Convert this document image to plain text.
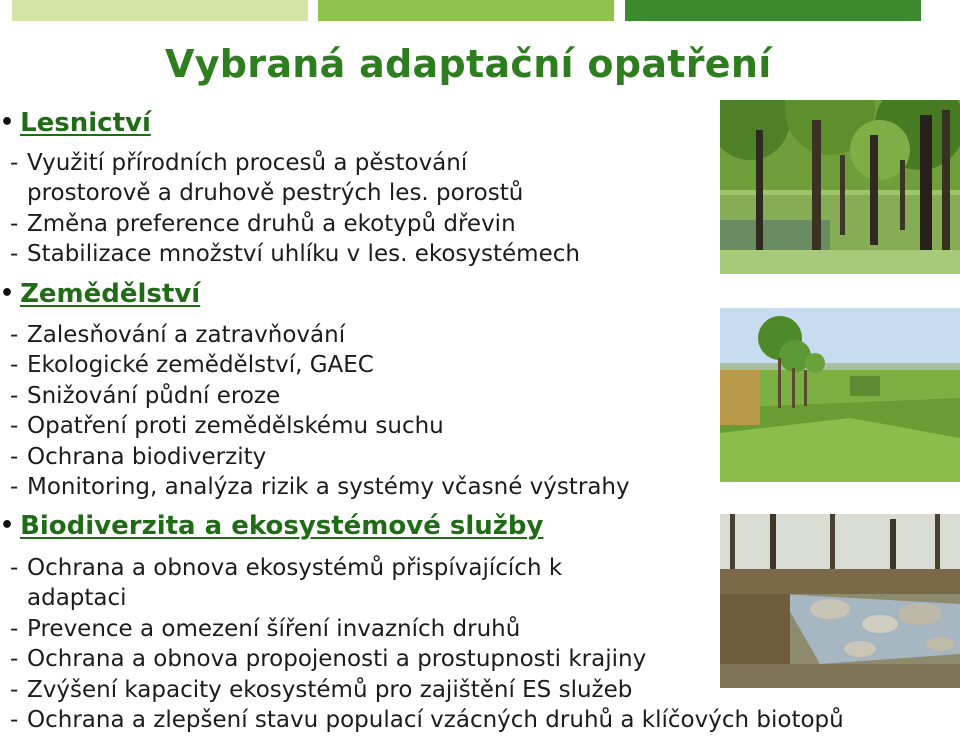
Vybraná adaptační opatření
• Lesnictví
- Využití přírodních procesů a pěstování
prostorově a druhově pestrých les. porostů
- Změna preference druhů a ekotypů dřevin
- Stabilizace množství uhlíku v les. ekosystémech
• Zemědělství
- Zalesňování a zatravňování
- Ekologické zemědělství, GAEC
- Snižování půdní eroze
- Opatření proti zemědělskému suchu
- Ochrana biodiverzity
- Monitoring, analýza rizik a systémy včasné výstrahy
• Biodiverzita a ekosystémové služby
- Ochrana a obnova ekosystémů přispívajících k
adaptaci
- Prevence a omezení šíření invazních druhů
- Ochrana a obnova propojenosti a prostupnosti krajiny
- Zvýšení kapacity ekosystémů pro zajištění ES služeb
- Ochrana a zlepšení stavu populací vzácných druhů a klíčových biotopů
